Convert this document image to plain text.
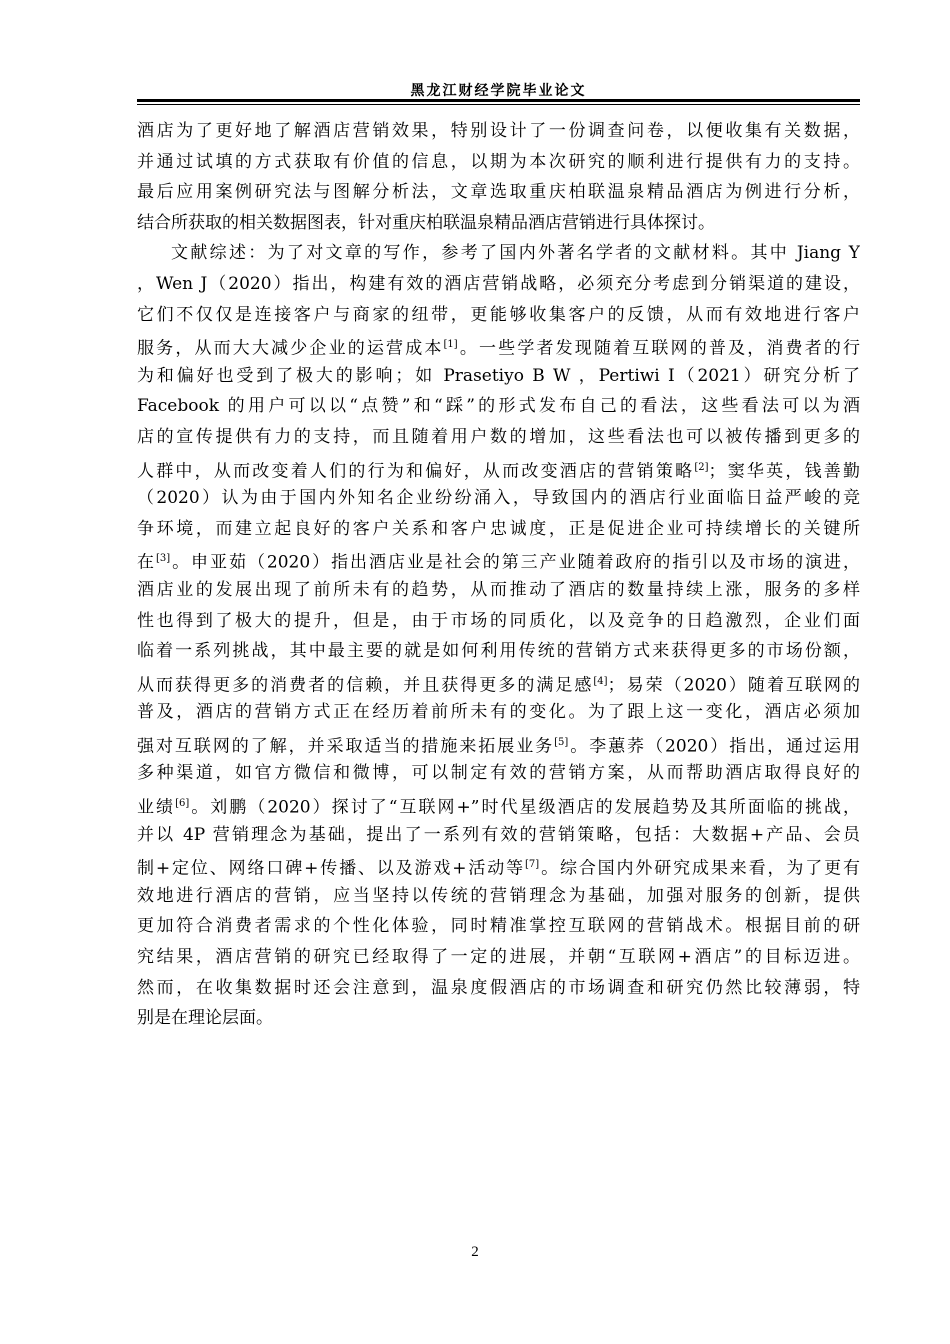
黑龙江财经学院毕业论文
酒店为了更好地了解酒店营销效果，特别设计了一份调查问卷，以便收集有关数据，
并通过试填的方式获取有价值的信息，以期为本次研究的顺利进行提供有力的支持。
最后应用案例研究法与图解分析法，文章选取重庆柏联温泉精品酒店为例进行分析，
结合所获取的相关数据图表，针对重庆柏联温泉精品酒店营销进行具体探讨。
文献综述：为了对文章的写作，参考了国内外著名学者的文献材料。其中 Jiang Y
，Wen J（2020）指出，构建有效的酒店营销战略，必须充分考虑到分销渠道的建设，
它们不仅仅是连接客户与商家的纽带，更能够收集客户的反馈，从而有效地进行客户
服务，从而大大减少企业的运营成本[1]。一些学者发现随着互联网的普及，消费者的行
为和偏好也受到了极大的影响；如 Prasetiyo B W ，Pertiwi I（2021）研究分析了
Facebook 的用户可以以“点赞”和“踩”的形式发布自己的看法，这些看法可以为酒
店的宣传提供有力的支持，而且随着用户数的增加，这些看法也可以被传播到更多的
人群中，从而改变着人们的行为和偏好，从而改变酒店的营销策略[2]；窦华英，钱善勤
（2020）认为由于国内外知名企业纷纷涌入，导致国内的酒店行业面临日益严峻的竞
争环境，而建立起良好的客户关系和客户忠诚度，正是促进企业可持续增长的关键所
在[3]。申亚茹（2020）指出酒店业是社会的第三产业随着政府的指引以及市场的演进，
酒店业的发展出现了前所未有的趋势，从而推动了酒店的数量持续上涨，服务的多样
性也得到了极大的提升，但是，由于市场的同质化，以及竞争的日趋激烈，企业们面
临着一系列挑战，其中最主要的就是如何利用传统的营销方式来获得更多的市场份额，
从而获得更多的消费者的信赖，并且获得更多的满足感[4]；易荣（2020）随着互联网的
普及，酒店的营销方式正在经历着前所未有的变化。为了跟上这一变化，酒店必须加
强对互联网的了解，并采取适当的措施来拓展业务[5]。李蕙荞（2020）指出，通过运用
多种渠道，如官方微信和微博，可以制定有效的营销方案，从而帮助酒店取得良好的
业绩[6]。刘鹏（2020）探讨了“互联网+”时代星级酒店的发展趋势及其所面临的挑战，
并以 4P 营销理念为基础，提出了一系列有效的营销策略，包括：大数据+产品、会员
制+定位、网络口碑+传播、以及游戏+活动等[7]。综合国内外研究成果来看，为了更有
效地进行酒店的营销，应当坚持以传统的营销理念为基础，加强对服务的创新，提供
更加符合消费者需求的个性化体验，同时精准掌控互联网的营销战术。根据目前的研
究结果，酒店营销的研究已经取得了一定的进展，并朝“互联网+酒店”的目标迈进。
然而，在收集数据时还会注意到，温泉度假酒店的市场调查和研究仍然比较薄弱，特
别是在理论层面。
2
